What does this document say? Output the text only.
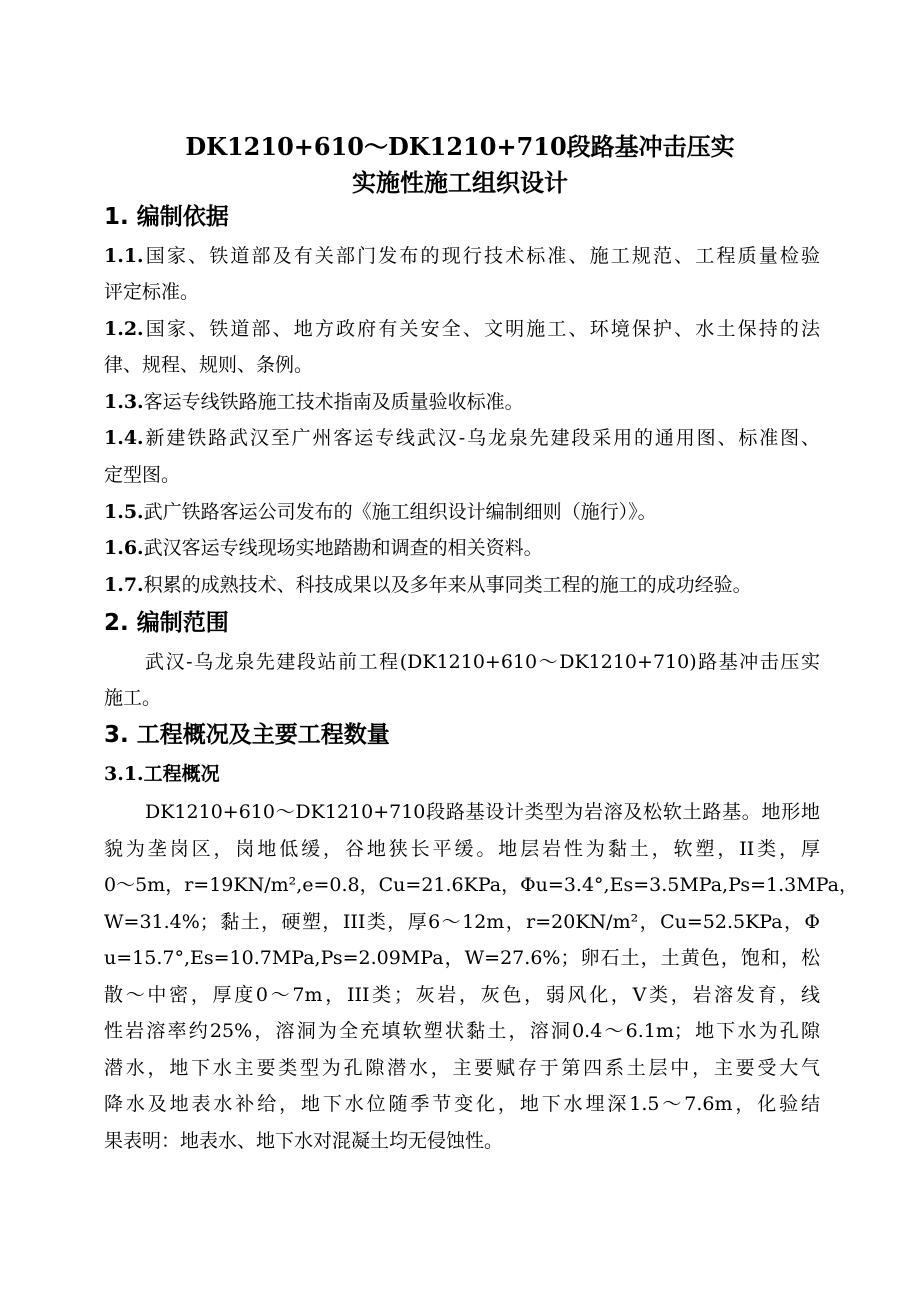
DK1210+610～DK1210+710段路基冲击压实
实施性施工组织设计
1. 编制依据
1.1.国家、铁道部及有关部门发布的现行技术标准、施工规范、工程质量检验
评定标准。
1.2.国家、铁道部、地方政府有关安全、文明施工、环境保护、水土保持的法
律、规程、规则、条例。
1.3.客运专线铁路施工技术指南及质量验收标准。
1.4.新建铁路武汉至广州客运专线武汉-乌龙泉先建段采用的通用图、标准图、
定型图。
1.5.武广铁路客运公司发布的《施工组织设计编制细则（施行）》。
1.6.武汉客运专线现场实地踏勘和调查的相关资料。
1.7.积累的成熟技术、科技成果以及多年来从事同类工程的施工的成功经验。
2. 编制范围
武汉-乌龙泉先建段站前工程(DK1210+610～DK1210+710)路基冲击压实
施工。
3. 工程概况及主要工程数量
3.1.工程概况
DK1210+610～DK1210+710段路基设计类型为岩溶及松软土路基。地形地
貌为垄岗区，岗地低缓，谷地狭长平缓。地层岩性为黏土，软塑，II类，厚
0～5m，r=19KN/m²,e=0.8，Cu=21.6KPa，Φu=3.4°,Es=3.5MPa,Ps=1.3MPa，
W=31.4%；黏土，硬塑，III类，厚6～12m，r=20KN/m²，Cu=52.5KPa，Φ
u=15.7°,Es=10.7MPa,Ps=2.09MPa，W=27.6%；卵石土，土黄色，饱和，松
散～中密，厚度0～7m，III类；灰岩，灰色，弱风化，V类，岩溶发育，线
性岩溶率约25%，溶洞为全充填软塑状黏土，溶洞0.4～6.1m；地下水为孔隙
潜水，地下水主要类型为孔隙潜水，主要赋存于第四系土层中，主要受大气
降水及地表水补给，地下水位随季节变化，地下水埋深1.5～7.6m，化验结
果表明：地表水、地下水对混凝土均无侵蚀性。
